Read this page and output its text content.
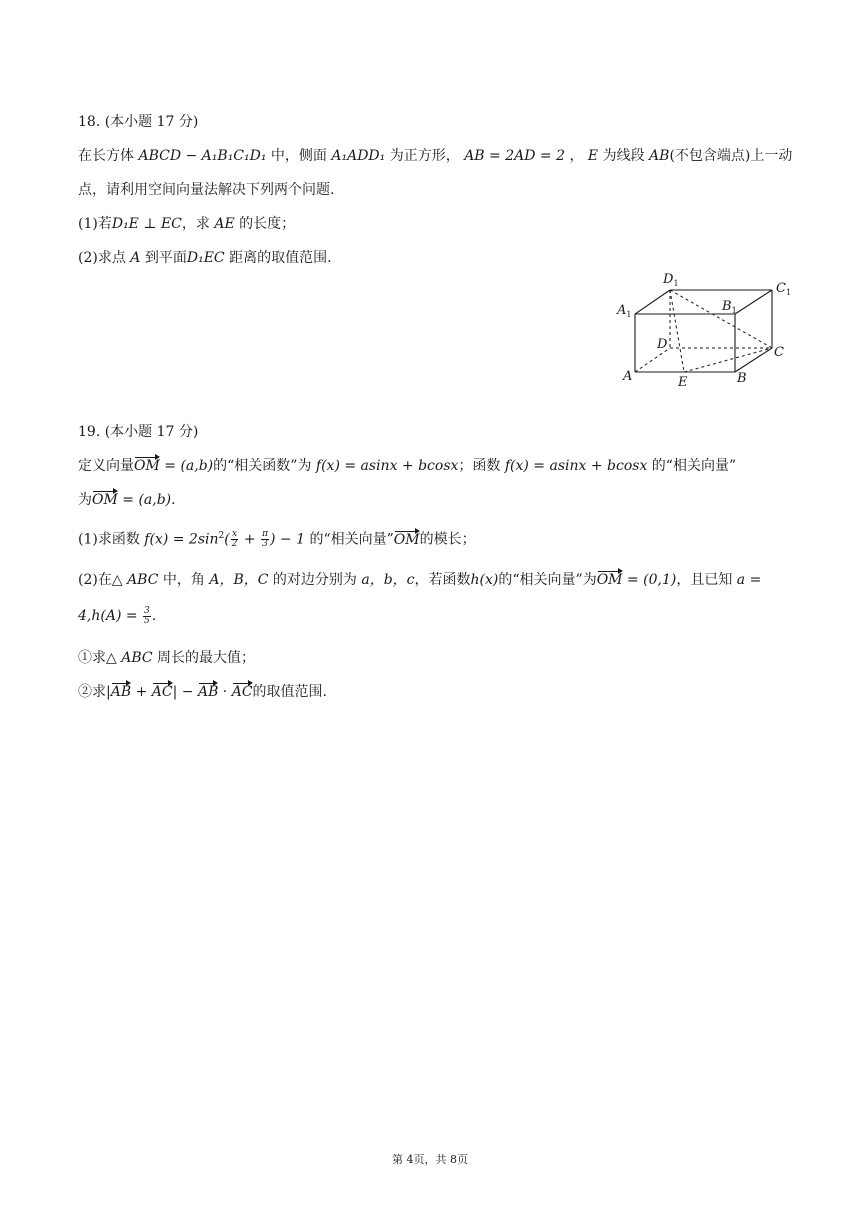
18. (本小题 17 分)
在长方体 ABCD − A₁B₁C₁D₁ 中，侧面 A₁ADD₁ 为正方形， AB = 2AD = 2 ， E 为线段 AB(不包含端点)上一动
点，请利用空间向量法解决下列两个问题.
(1)若D₁E ⊥ EC，求 AE 的长度；
(2)求点 A 到平面D₁EC 距离的取值范围.
$D_1$	$C_1$
$A_1$
$B_1$
D
C
A	E	B
19. (本小题 17 分)
定义向量OM = (a,b)的“相关函数”为 f(x) = asinx + bcosx；函数 f(x) = asinx + bcosx 的“相关向量”
为OM = (a,b).
(1)求函数 $f(x) = 2\sin^2( \frac{x}{2} + \frac{\pi}{3}$ ) − 1 的“相关向量”OM的模长；
(2)在△ ABC 中，角 A，B，C 的对边分别为 a，b，c，若函数h(x)的“相关向量”为OM = (0,1)，且已知 a =
$4,h(A) = \frac{3}{5}$ .
①求△ ABC 周长的最大值；
②求|AB + AC| − AB · AC的取值范围.
第 4页，共 8页
